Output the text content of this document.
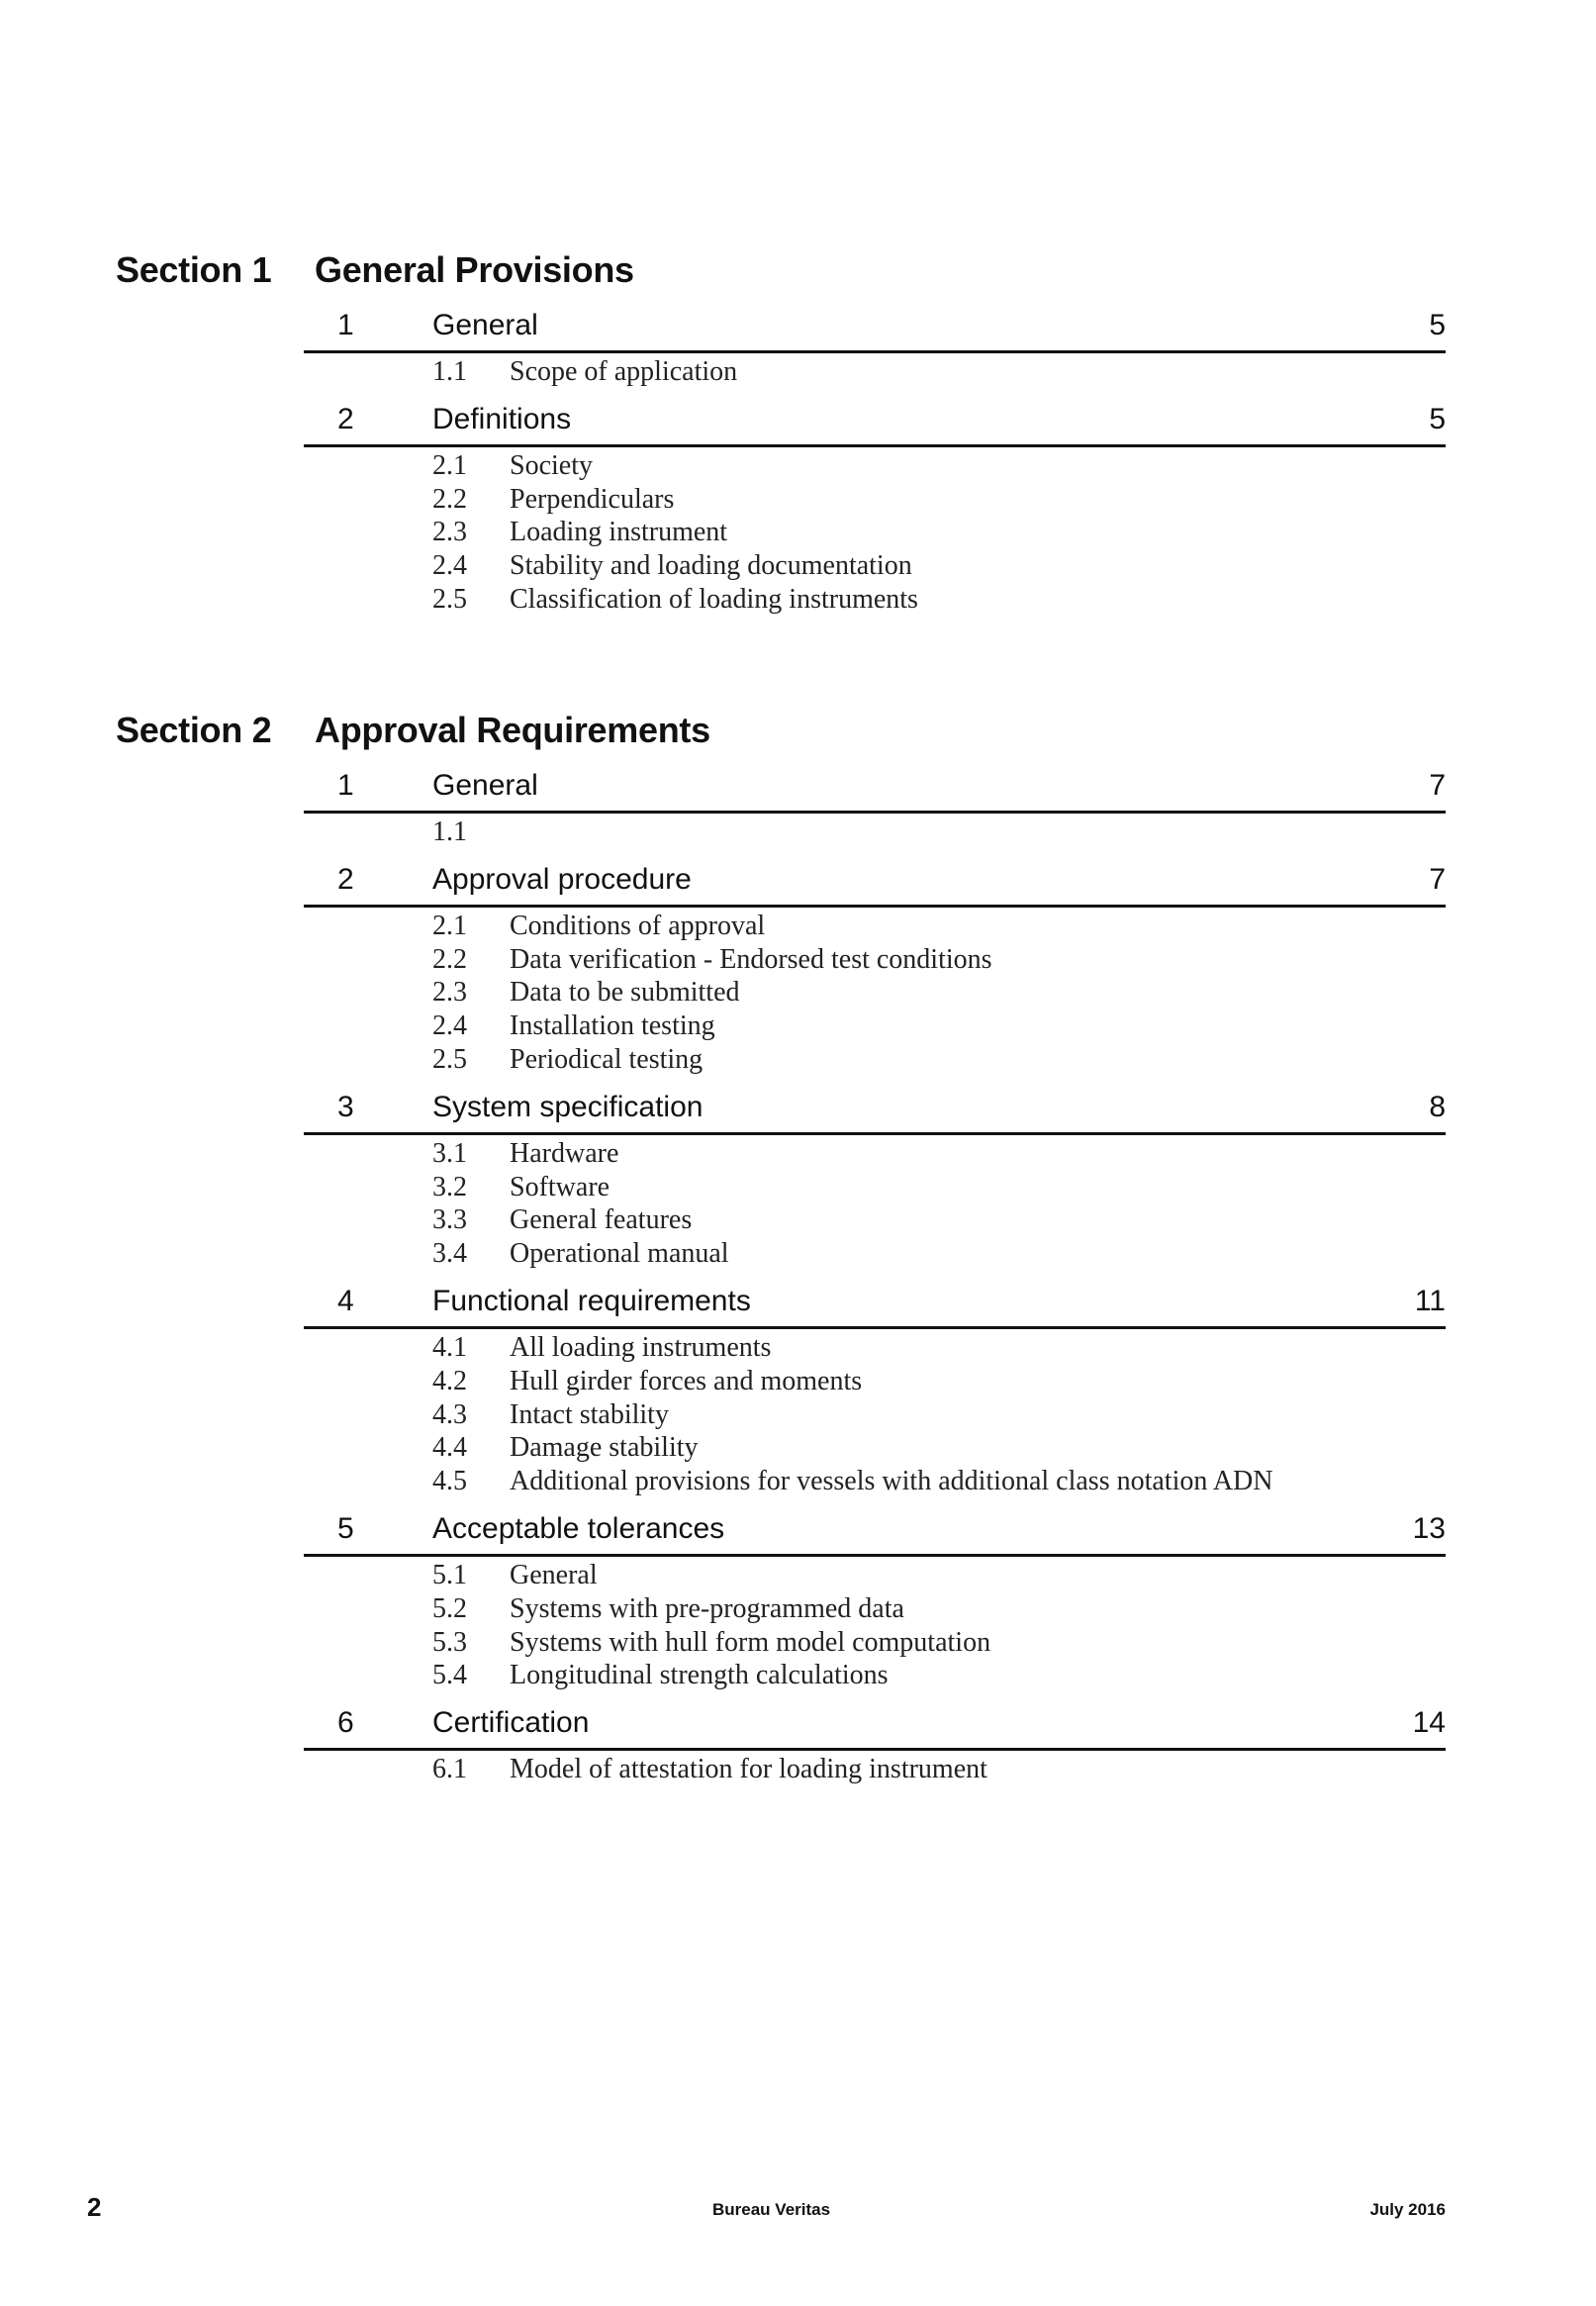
Section 1 General Provisions
1	General	5
1.1 Scope of application
2	Definitions	5
2.1 Society
2.2 Perpendiculars
2.3 Loading instrument
2.4 Stability and loading documentation
2.5 Classification of loading instruments
Section 2 Approval Requirements
1	General	7
1.1
2	Approval procedure	7
2.1 Conditions of approval
2.2 Data verification - Endorsed test conditions
2.3 Data to be submitted
2.4 Installation testing
2.5 Periodical testing
3	System specification	8
3.1 Hardware
3.2 Software
3.3 General features
3.4 Operational manual
4	Functional requirements	11
4.1 All loading instruments
4.2 Hull girder forces and moments
4.3 Intact stability
4.4 Damage stability
4.5 Additional provisions for vessels with additional class notation ADN
5	Acceptable tolerances	13
5.1 General
5.2 Systems with pre-programmed data
5.3 Systems with hull form model computation
5.4 Longitudinal strength calculations
6	Certification	14
6.1 Model of attestation for loading instrument
2	Bureau Veritas	July 2016
